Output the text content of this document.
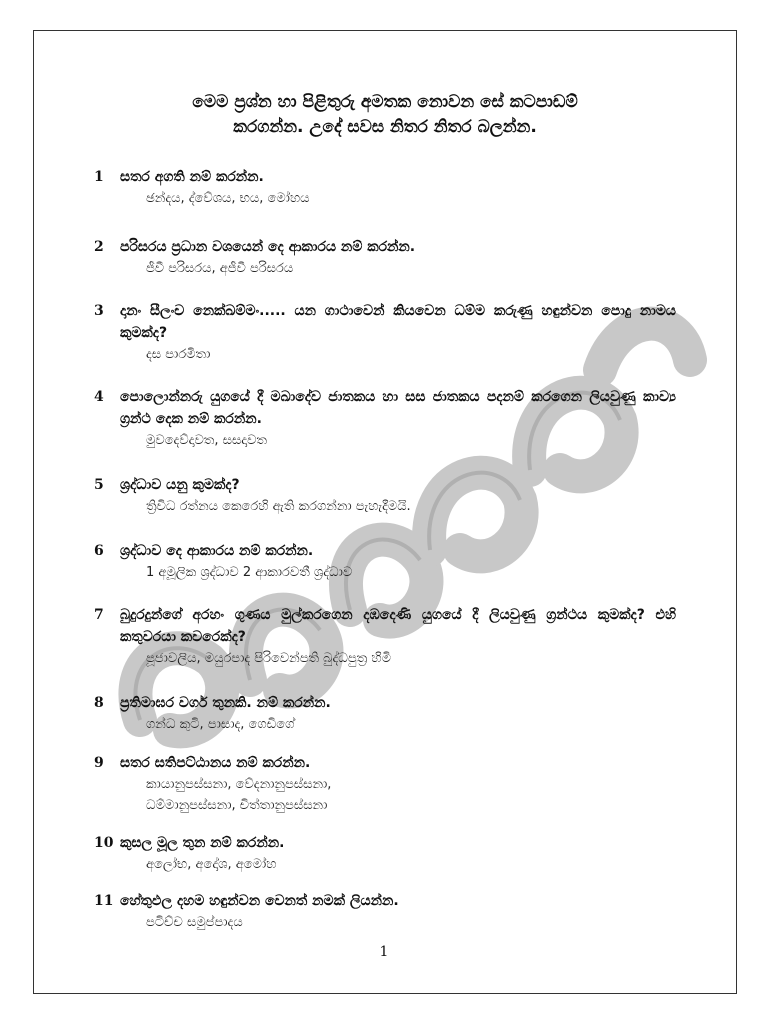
මෙම ප්‍රශ්න හා පිළිතුරු අමතක නොවන සේ කටපාඩම්
කරගන්න. උදේ සවස නිතර නිතර බලන්න.
1 සතර අගති නම් කරන්න.
ඡන්දය, ද්වේශය, භය, මෝහය
2 පරිසරය ප්‍රධාන වශයෙන් දෙ ආකාරය නම් කරන්න.
ජීවී පරිසරය, අජීවී පරිසරය
3 දානං සීලංච නෙක්ඛම්මං..... යන ගාථාවෙන් කියවෙන ධම්ම කරුණු හඳුන්වන පොදු නාමය කුමක්ද?
දස පාරමිතා
4 පොලොන්නරු යුගයේ දී මඛාදේව ජාතකය හා සස ජාතකය පදනම් කරගෙන ලියවුණු කාව්‍ය ග්‍රන්ථ දෙක නම් කරන්න.
මුවදෙව්දාවත, සසදාවත
5 ශ්‍රද්ධාව යනු කුමක්ද?
ත්‍රිවිධ රත්නය කෙරෙහි ඇති කරගන්නා පැහැදීමයි.
6 ශ්‍රද්ධාව දෙ ආකාරය නම් කරන්න.
1 අමූලික ශ්‍රද්ධාව 2 ආකාරවතී ශ්‍රද්ධාව
7 බුදුරදුන්ගේ අරහං ගුණය මුල්කරගෙන දඹදෙණි යුගයේ දී ලියවුණු ග්‍රන්ථය කුමක්ද? එහි කතුවරයා කවරෙක්ද?
පූජාවලිය, මයුරපාද පිරිවෙන්පති බුද්ධපුත්‍ර හිමි
8 ප්‍රතිමාඝර වර්ග තුනකි. නම් කරන්න.
ගන්ධ කුටි, පාසාද, ගෙඩිගේ
9 සතර සතිපට්ඨානය නම් කරන්න.
කායානුපස්සනා, වේදනානුපස්සනා,
ධම්මානුපස්සනා, චිත්තානුපස්සනා
10 කුසල මූල තුන නම් කරන්න.
අලෝභ, අදෝශ, අමෝහ
11 හේතුඵල දහම හඳුන්වන වෙනත් නමක් ලියන්න.
පටිච්ච සමුප්පාදය
1
